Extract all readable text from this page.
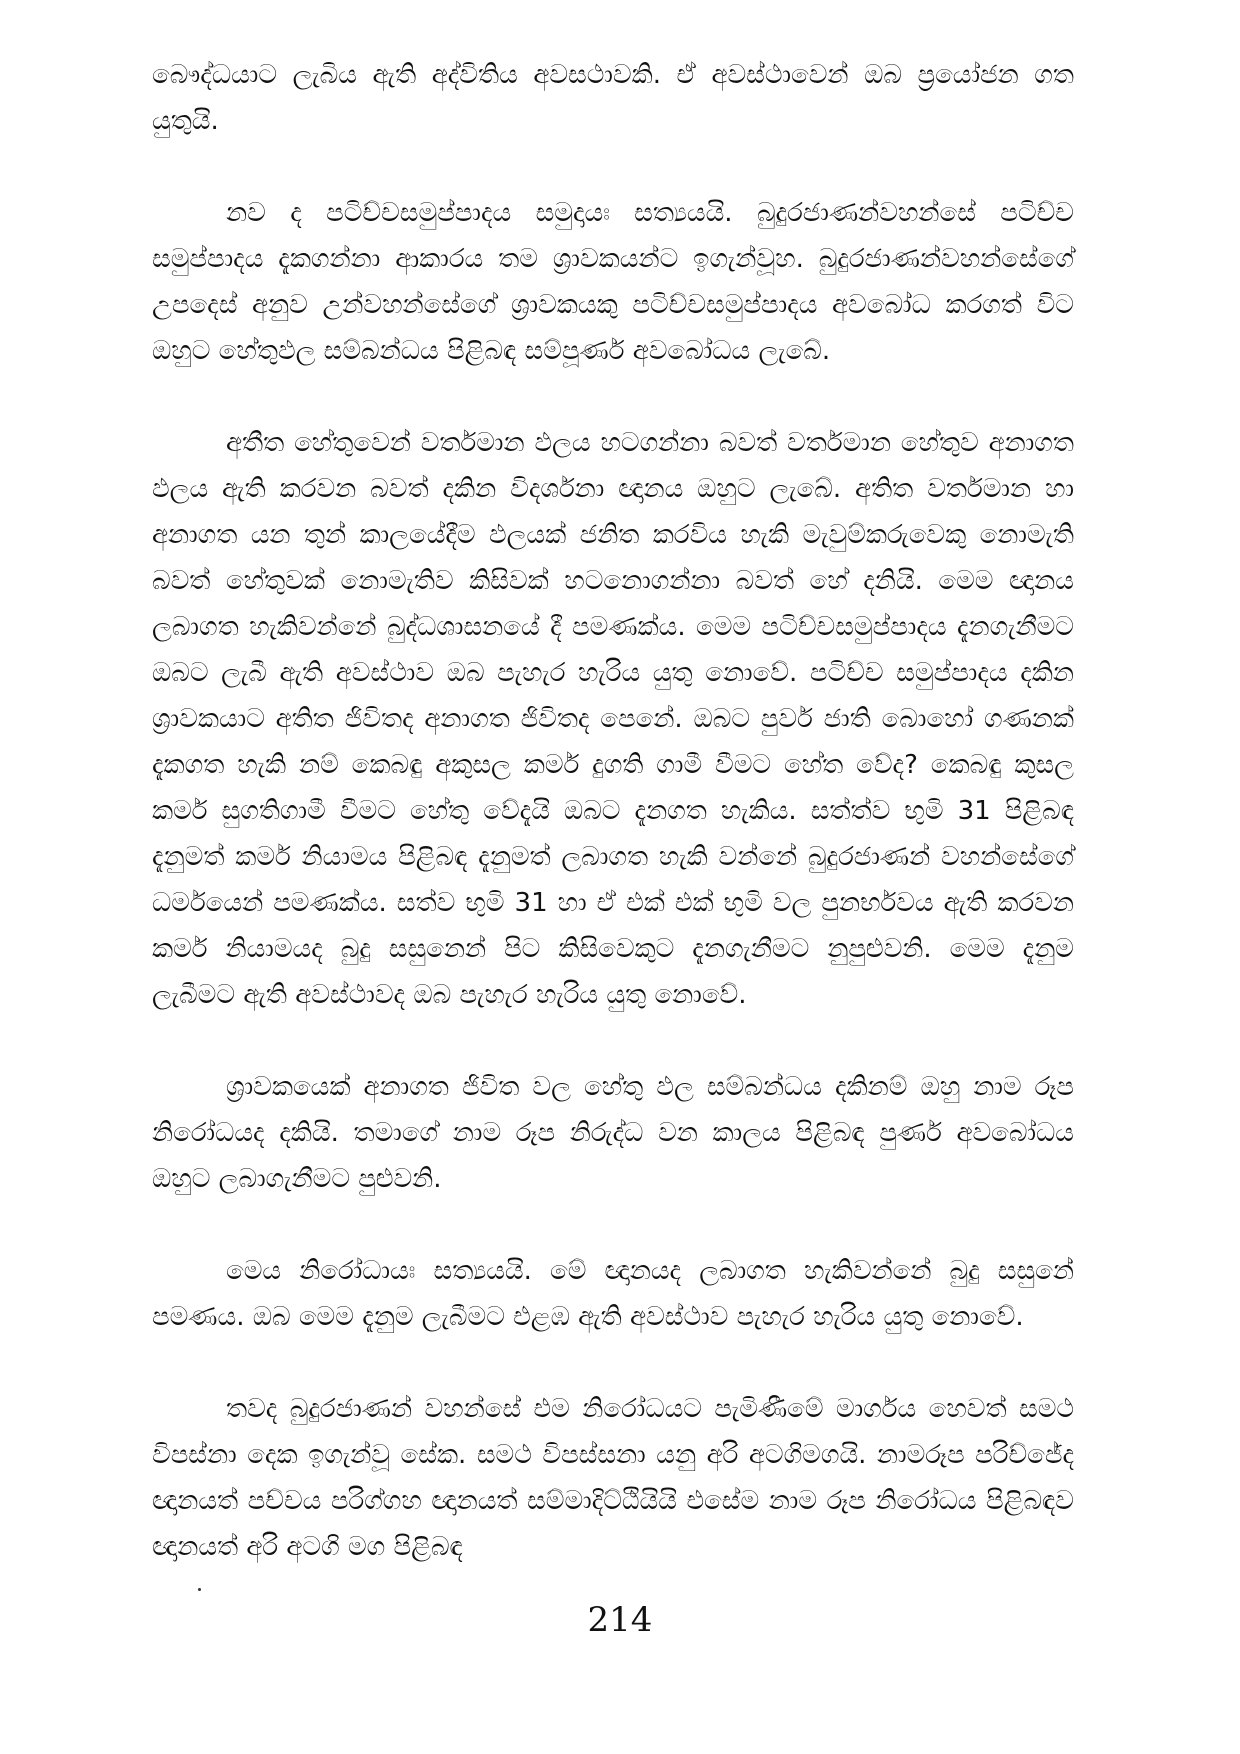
බෞද්ධයාට ලැබිය ඇති අද්විතිය අවසථාවකි. ඒ අවස්ථාවෙන් ඔබ ප්‍රයෝජන ගත යුතුයි.

නව ද පටිච්චසමුප්පාදය සමුදායඃ සත්‍යයයි. බුදුරජාණන්වහන්සේ පටිච්ච සමුප්පාදය දැකගන්නා ආකාරය තම ශ්‍රාවකයන්ට ඉගැන්වූහ. බුදුරජාණන්වහන්සේගේ උපදෙස් අනුව උන්වහන්සේගේ ශ්‍රාවකයකු පටිච්චසමුප්පාදය අවබෝධ කරගත් විට ඔහුට හේතුඵල සම්බන්ධය පිළිබඳ සම්පූර්ණ අවබෝධය ලැබේ.

අතීත හේතුවෙන් වර්තමාන ඵලය හටගන්නා බවත් වර්තමාන හේතුව අනාගත ඵලය ඇති කරවන බවත් දකින විදර්ශනා ඥානය ඔහුට ලැබේ. අතිත වර්තමාන හා අනාගත යන තුන් කාලයේදීම ඵලයක් ජනිත කරවිය හැකි මැවුම්කරුවෙකු නොමැති බවත් හේතුවක් නොමැතිව කිසිවක් හටනොගන්නා බවත් හේ දනියි. මෙම ඥානය ලබාගත හැකිවන්නේ බුද්ධශාසනයේ දී පමණක්ය. මෙම පටිච්චසමුප්පාදය දැනගැනීමට ඔබට ලැබී ඇති අවස්ථාව ඔබ පැහැර හැරිය යුතු නොවේ. පටිච්ච සමුප්පාදය දකින ශ්‍රාවකයාට අතිත ජිවිතද අනාගත ජිවිතද පෙනේ. ඔබට පුර්ව ජාති බොහෝ ගණනක් දැකගත හැකි නම් කෙබඳු අකුසල කර්ම දුගති ගාමී වීමට හේත වේද? කෙබඳු කුසල කර්ම සුගතිගාමී වීමට හේතු වේදැයි ඔබට දැනගත හැකිය. සත්ත්ව භුමි 31 පිළිබඳ දැනුමත් කර්ම නියාමය පිළිබඳ දැනුමත් ලබාගත හැකි වන්නේ බුදුරජාණන් වහන්සේගේ ධර්මයෙන් පමණක්ය. සත්ව භුමි 31 හා ඒ එක් එක් භුමි වල පුනර්භවය ඇති කරවන කර්ම නියාමයද බුදු සසුනෙන් පිට කිසිවෙකුට දැනගැනීමට නුපුළුවනි. මෙම දැනුම ලැබීමට ඇති අවස්ථාවද ඔබ පැහැර හැරිය යුතු නොවේ.

ශ්‍රාවකයෙක් අනාගත ජිවිත වල හේතු ඵල සම්බන්ධය දකිනම් ඔහු නාම රූප නිරෝධයද දකියි. තමාගේ නාම රූප නිරුද්ධ වන කාලය පිළිබඳ පුර්ණ අවබෝධය ඔහුට ලබාගැනීමට පුළුවනි.

මෙය නිරෝධායඃ සත්‍යයයි. මේ ඥානයද ලබාගත හැකිවන්නේ බුදු සසුනේ පමණය. ඔබ මෙම දැනුම ලැබීමට එළඹ ඇති අවස්ථාව පැහැර හැරිය යුතු නොවේ.

තවද බුදුරජාණන් වහන්සේ එම නිරෝධයට පැමිණීමේ මාර්ගය හෙවත් සමථ විපස්නා දෙක ඉගැන්වූ සේක. සමථ විපස්සනා යනු අරි අටගිමගයි. නාමරූප පරිච්ජේද ඥානයත් පච්චය පරිග්ගහ ඥානයත් සම්මාදිට්ඨියියි එසේම නාම රූප නිරෝධය පිළිබඳව ඥානයත් අරි අටගි මග පිළිබඳ

214
